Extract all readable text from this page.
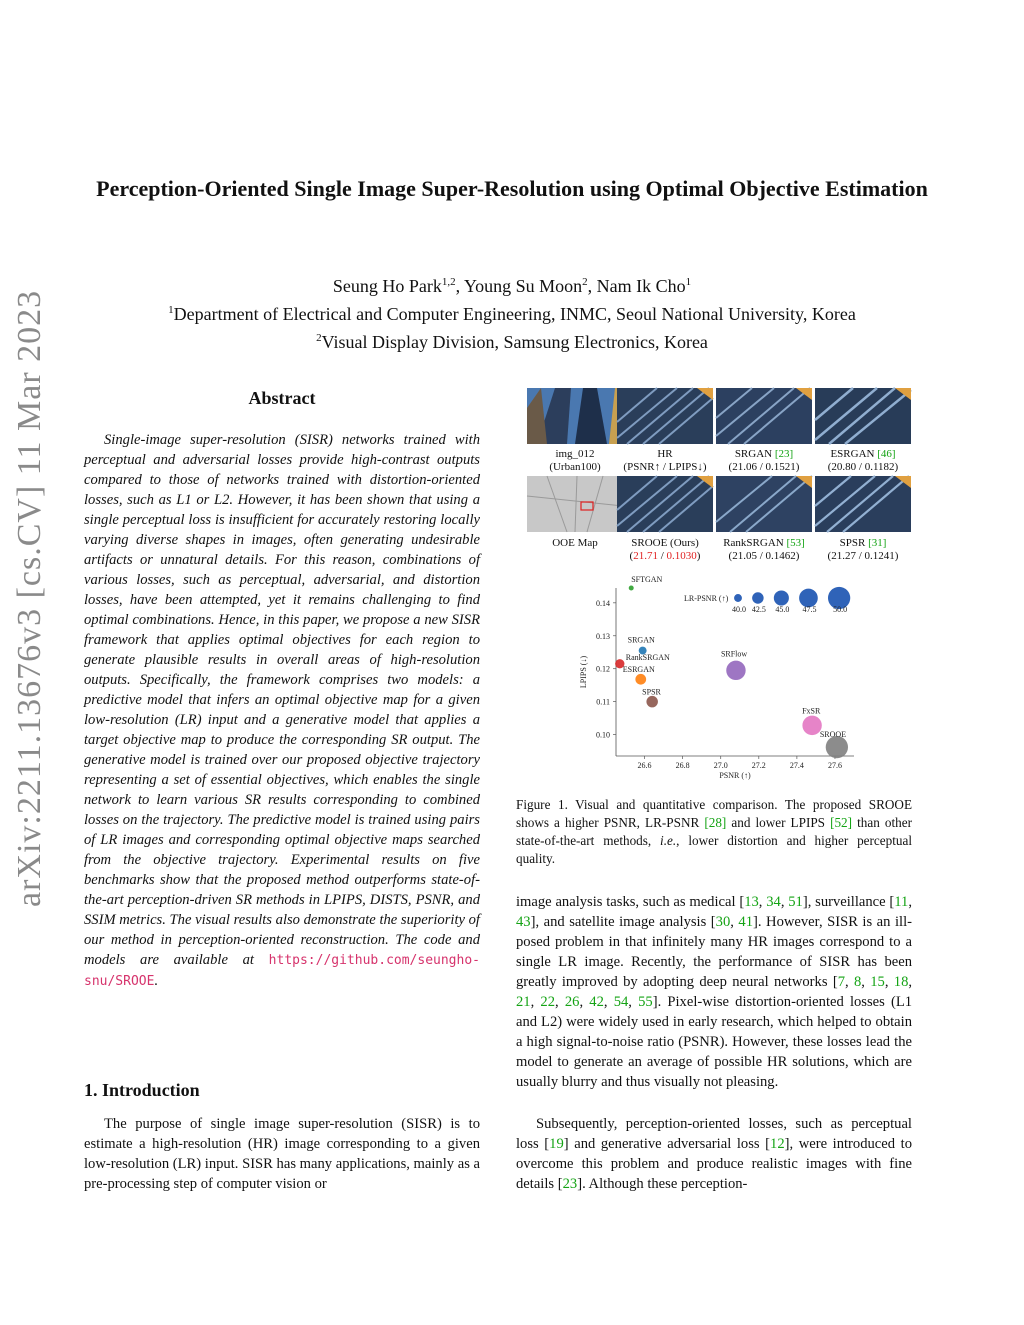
arXiv:2211.13676v3 [cs.CV] 11 Mar 2023
Perception-Oriented Single Image Super-Resolution using Optimal Objective Estimation
Seung Ho Park$^{1,2}$, Young Su Moon$^2$, Nam Ik Cho$^1$
$^1$Department of Electrical and Computer Engineering, INMC, Seoul National University, Korea
$^2$Visual Display Division, Samsung Electronics, Korea
Abstract

Single-image super-resolution (SISR) networks trained with perceptual and adversarial losses provide high-contrast outputs compared to those of networks trained with distortion-oriented losses, such as L1 or L2. However, it has been shown that using a single perceptual loss is insufficient for accurately restoring locally varying diverse shapes in images, often generating undesirable artifacts or unnatural details. For this reason, combinations of various losses, such as perceptual, adversarial, and distortion losses, have been attempted, yet it remains challenging to find optimal combinations. Hence, in this paper, we propose a new SISR framework that applies optimal objectives for each region to generate plausible results in overall areas of high-resolution outputs. Specifically, the framework comprises two models: a predictive model that infers an optimal objective map for a given low-resolution (LR) input and a generative model that applies a target objective map to produce the corresponding SR output. The generative model is trained over our proposed objective trajectory representing a set of essential objectives, which enables the single network to learn various SR results corresponding to combined losses on the trajectory. The predictive model is trained using pairs of LR images and corresponding optimal objective maps searched from the objective trajectory. Experimental results on five benchmarks show that the proposed method outperforms state-of-the-art perception-driven SR methods in LPIPS, DISTS, PSNR, and SSIM metrics. The visual results also demonstrate the superiority of our method in perception-oriented reconstruction. The code and models are available at https://github.com/seungho-snu/SROOE.

1. Introduction

The purpose of single image super-resolution (SISR) is to estimate a high-resolution (HR) image corresponding to a given low-resolution (LR) input. SISR has many applications, mainly as a pre-processing step of computer vision or

img_012
(Urban100)
HR
(PSNR↑ / LPIPS↓)
SRGAN [23]
(21.06 / 0.1521)
ESRGAN [46]
(20.80 / 0.1182)
OOE Map	SROOE (Ours)
(21.71 / 0.1030)
RankSRGAN [53]
(21.05 / 0.1462)
SPSR [31]
(21.27 / 0.1241)
26.6	26.8	27.0	27.2	27.4	27.6
0.14
0.13
0.12
0.11
0.10
PSNR (↑)
LPIPS (↓)
SFTGAN
SRGAN
RankSRGAN
ESRGAN
SPSR
SRFlow
FxSR
SROOE
LR-PSNR (↑)
40.0 42.5 45.0 47.5 50.0

Figure 1. Visual and quantitative comparison. The proposed SROOE shows a higher PSNR, LR-PSNR [28] and lower LPIPS [52] than other state-of-the-art methods, i.e., lower distortion and higher perceptual quality.

image analysis tasks, such as medical [13, 34, 51], surveillance [11, 43], and satellite image analysis [30, 41]. However, SISR is an ill-posed problem in that infinitely many HR images correspond to a single LR image. Recently, the performance of SISR has been greatly improved by adopting deep neural networks [7, 8, 15, 18, 21, 22, 26, 42, 54, 55]. Pixel-wise distortion-oriented losses (L1 and L2) were widely used in early research, which helped to obtain a high signal-to-noise ratio (PSNR). However, these losses lead the model to generate an average of possible HR solutions, which are usually blurry and thus visually not pleasing.

Subsequently, perception-oriented losses, such as perceptual loss [19] and generative adversarial loss [12], were introduced to overcome this problem and produce realistic images with fine details [23]. Although these perception-
